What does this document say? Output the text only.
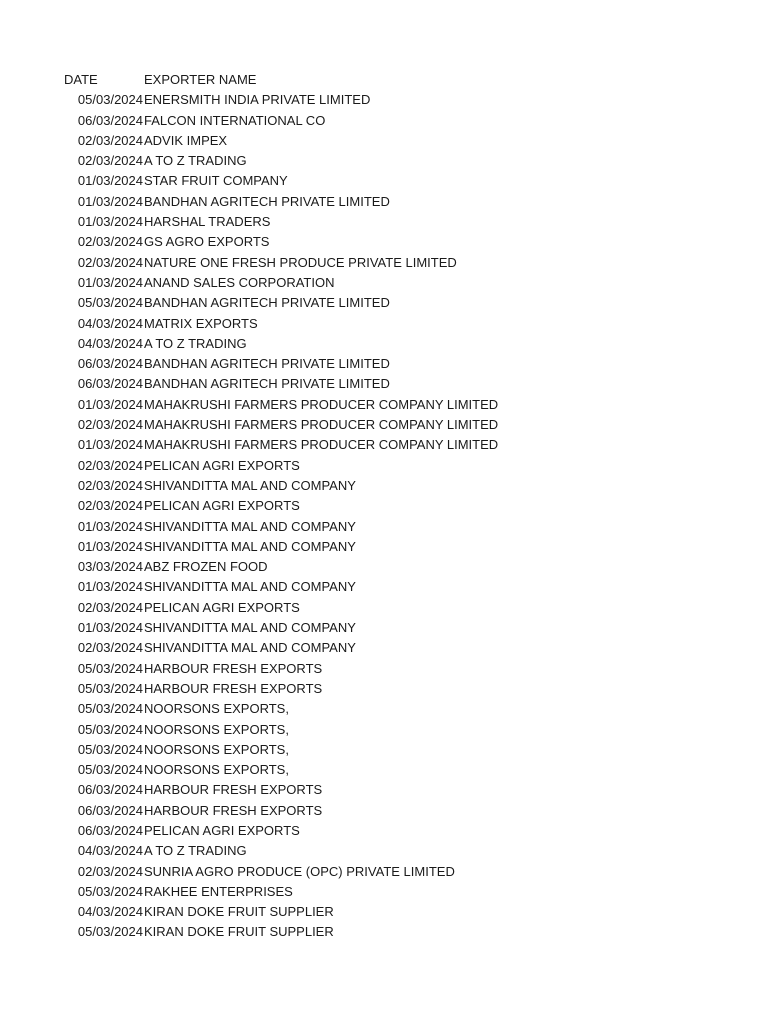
DATE	EXPORTER NAME
05/03/2024 ENERSMITH INDIA PRIVATE LIMITED
06/03/2024 FALCON INTERNATIONAL CO
02/03/2024 ADVIK IMPEX
02/03/2024 A TO Z TRADING
01/03/2024 STAR FRUIT COMPANY
01/03/2024 BANDHAN AGRITECH PRIVATE LIMITED
01/03/2024 HARSHAL TRADERS
02/03/2024 GS AGRO EXPORTS
02/03/2024 NATURE ONE FRESH PRODUCE PRIVATE LIMITED
01/03/2024 ANAND SALES CORPORATION
05/03/2024 BANDHAN AGRITECH PRIVATE LIMITED
04/03/2024 MATRIX EXPORTS
04/03/2024 A TO Z TRADING
06/03/2024 BANDHAN AGRITECH PRIVATE LIMITED
06/03/2024 BANDHAN AGRITECH PRIVATE LIMITED
01/03/2024 MAHAKRUSHI FARMERS PRODUCER COMPANY LIMITED
02/03/2024 MAHAKRUSHI FARMERS PRODUCER COMPANY LIMITED
01/03/2024 MAHAKRUSHI FARMERS PRODUCER COMPANY LIMITED
02/03/2024 PELICAN AGRI EXPORTS
02/03/2024 SHIVANDITTA MAL AND COMPANY
02/03/2024 PELICAN AGRI EXPORTS
01/03/2024 SHIVANDITTA MAL AND COMPANY
01/03/2024 SHIVANDITTA MAL AND COMPANY
03/03/2024 ABZ FROZEN FOOD
01/03/2024 SHIVANDITTA MAL AND COMPANY
02/03/2024 PELICAN AGRI EXPORTS
01/03/2024 SHIVANDITTA MAL AND COMPANY
02/03/2024 SHIVANDITTA MAL AND COMPANY
05/03/2024 HARBOUR FRESH EXPORTS
05/03/2024 HARBOUR FRESH EXPORTS
05/03/2024 NOORSONS EXPORTS,
05/03/2024 NOORSONS EXPORTS,
05/03/2024 NOORSONS EXPORTS,
05/03/2024 NOORSONS EXPORTS,
06/03/2024 HARBOUR FRESH EXPORTS
06/03/2024 HARBOUR FRESH EXPORTS
06/03/2024 PELICAN AGRI EXPORTS
04/03/2024 A TO Z TRADING
02/03/2024 SUNRIA AGRO PRODUCE (OPC) PRIVATE LIMITED
05/03/2024 RAKHEE ENTERPRISES
04/03/2024 KIRAN DOKE FRUIT SUPPLIER
05/03/2024 KIRAN DOKE FRUIT SUPPLIER
